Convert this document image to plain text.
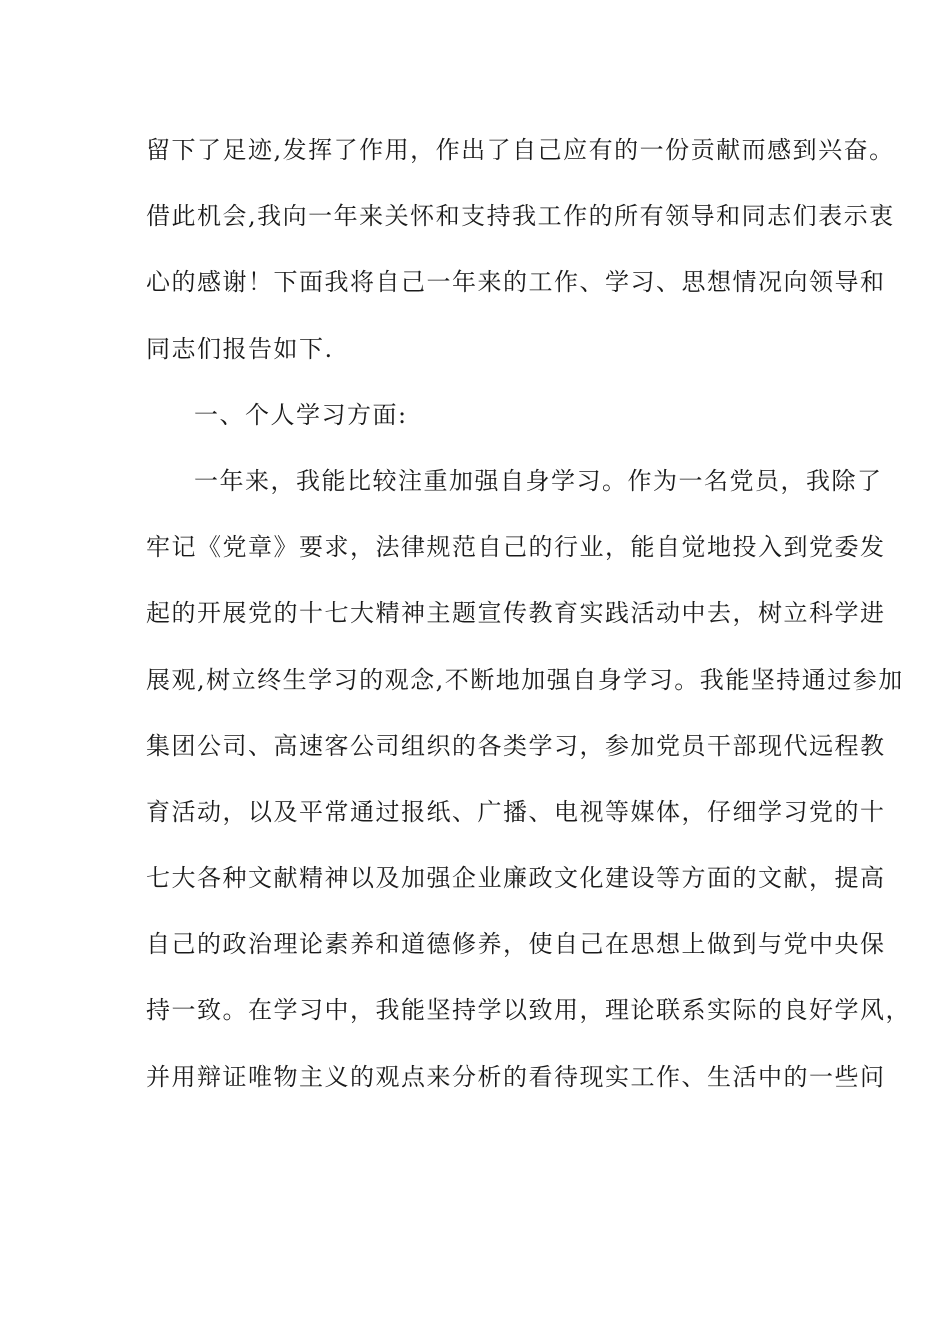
留下了足迹,发挥了作用，作出了自己应有的一份贡献而感到兴奋。
借此机会,我向一年来关怀和支持我工作的所有领导和同志们表示衷
心的感谢！下面我将自己一年来的工作、学习、思想情况向领导和
同志们报告如下.
一、个人学习方面:
一年来，我能比较注重加强自身学习。作为一名党员，我除了
牢记《党章》要求，法律规范自己的行业，能自觉地投入到党委发
起的开展党的十七大精神主题宣传教育实践活动中去，树立科学进
展观,树立终生学习的观念,不断地加强自身学习。我能坚持通过参加
集团公司、高速客公司组织的各类学习，参加党员干部现代远程教
育活动，以及平常通过报纸、广播、电视等媒体，仔细学习党的十
七大各种文献精神以及加强企业廉政文化建设等方面的文献，提高
自己的政治理论素养和道德修养，使自己在思想上做到与党中央保
持一致。在学习中，我能坚持学以致用，理论联系实际的良好学风，
并用辩证唯物主义的观点来分析的看待现实工作、生活中的一些问
